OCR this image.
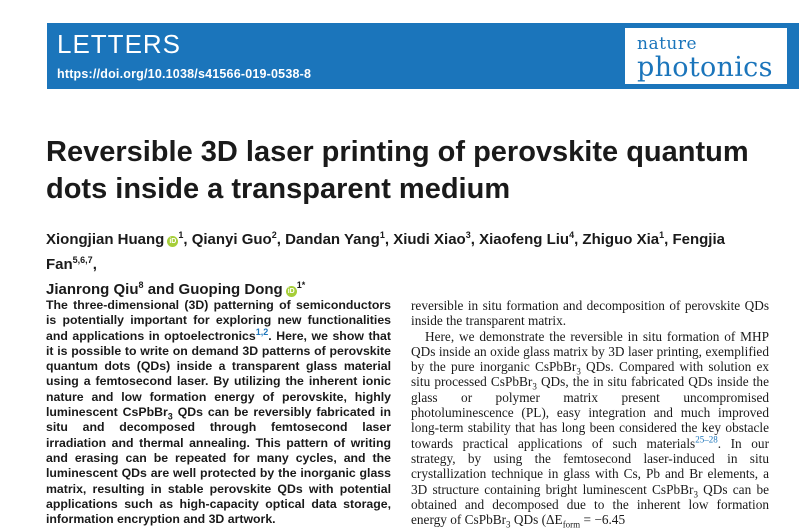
LETTERS
https://doi.org/10.1038/s41566-019-0538-8
nature
photonics
Reversible 3D laser printing of perovskite quantum dots inside a transparent medium
Xiongjian Huang $iD^1$, Qianyi Guo$^2$, Dandan Yang$^1$, Xiudi Xiao$^3$, Xiaofeng Liu$^4$, Zhiguo Xia$^1$, Fengjia Fan$^{5,6,7}$,
Jianrong Qiu$^8$ and Guoping Dong $iD^{1*}$

The three-dimensional (3D) patterning of semiconductors is potentially important for exploring new functionalities and applications in optoelectronics$^{1,2}$. Here, we show that it is possible to write on demand 3D patterns of perovskite quantum dots (QDs) inside a transparent glass material using a femtosecond laser. By utilizing the inherent ionic nature and low formation energy of perovskite, highly luminescent CsPbBr$_3$ QDs can be reversibly fabricated in situ and decomposed through femtosecond laser irradiation and thermal annealing. This pattern of writing and erasing can be repeated for many cycles, and the luminescent QDs are well protected by the inorganic glass matrix, resulting in stable perovskite QDs with potential applications such as high-capacity optical data storage, information encryption and 3D artwork.

reversible in situ formation and decomposition of perovskite QDs inside the transparent matrix.

Here, we demonstrate the reversible in situ formation of MHP QDs inside an oxide glass matrix by 3D laser printing, exemplified by the pure inorganic CsPbBr$_3$ QDs. Compared with solution ex situ processed CsPbBr$_3$ QDs, the in situ fabricated QDs inside the glass or polymer matrix present uncompromised photoluminescence (PL), easy integration and much improved long-term stability that has long been considered the key obstacle towards practical applications of such materials$^{25-28}$. In our strategy, by using the femtosecond laser-induced in situ crystallization technique in glass with Cs, Pb and Br elements, a 3D structure containing bright luminescent CsPbBr$_3$ QDs can be obtained and decomposed due to the inherent low formation energy of CsPbBr$_3$ QDs ($\Delta E_{form} = -6.45$
